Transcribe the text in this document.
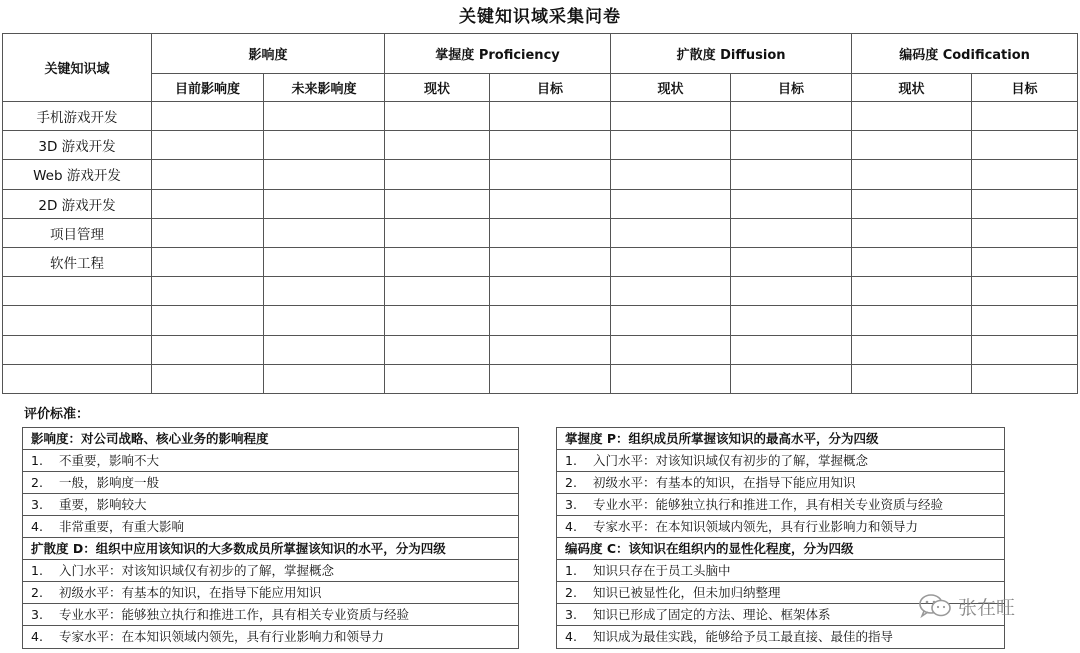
关键知识域采集问卷
关键知识域	影响度		掌握度 Proficiency		扩散度 Diffusion		编码度 Codification	
	目前影响度	未来影响度	现状	目标	现状	目标	现状	目标
手机游戏开发								
3D 游戏开发								
Web 游戏开发								
2D 游戏开发								
项目管理								
软件工程								

评价标准：
影响度：对公司战略、核心业务的影响程度
1. 不重要，影响不大
2. 一般，影响度一般
3. 重要，影响较大
4. 非常重要，有重大影响
扩散度 D：组织中应用该知识的大多数成员所掌握该知识的水平，分为四级
1. 入门水平：对该知识域仅有初步的了解，掌握概念
2. 初级水平：有基本的知识，在指导下能应用知识
3. 专业水平：能够独立执行和推进工作，具有相关专业资质与经验
4. 专家水平：在本知识领域内领先，具有行业影响力和领导力
掌握度 P：组织成员所掌握该知识的最高水平，分为四级
1. 入门水平：对该知识域仅有初步的了解，掌握概念
2. 初级水平：有基本的知识，在指导下能应用知识
3. 专业水平：能够独立执行和推进工作，具有相关专业资质与经验
4. 专家水平：在本知识领域内领先，具有行业影响力和领导力
编码度 C：该知识在组织内的显性化程度，分为四级
1. 知识只存在于员工头脑中
2. 知识已被显性化，但未加归纳整理
3. 知识已形成了固定的方法、理论、框架体系
4. 知识成为最佳实践，能够给予员工最直接、最佳的指导
张在旺
